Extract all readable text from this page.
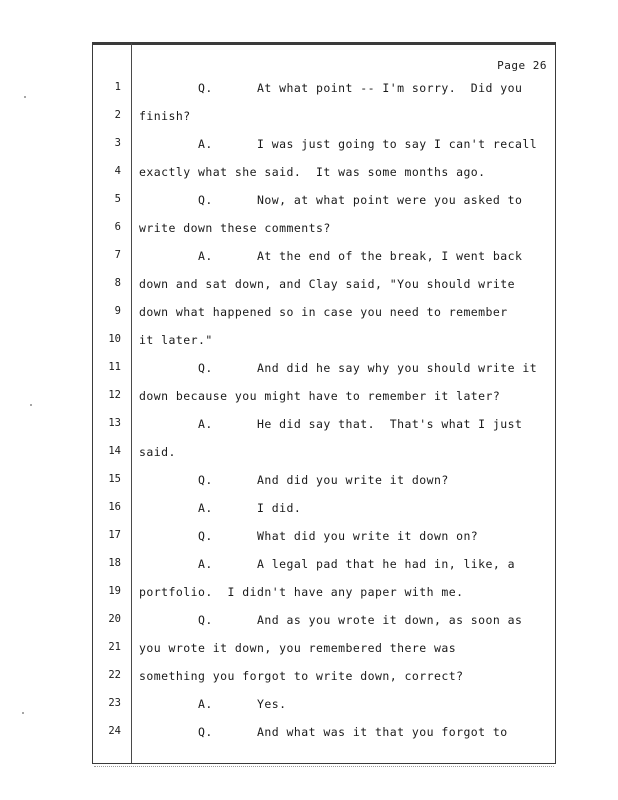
Page 26
1 Q.      At what point -- I'm sorry.  Did you
2 finish?
3 A.      I was just going to say I can't recall
4 exactly what she said.  It was some months ago.
5 Q.      Now, at what point were you asked to
6 write down these comments?
7 A.      At the end of the break, I went back
8 down and sat down, and Clay said, "You should write
9 down what happened so in case you need to remember
10 it later."
11 Q.      And did he say why you should write it
12 down because you might have to remember it later?
13 A.      He did say that.  That's what I just
14 said.
15 Q.      And did you write it down?
16 A.      I did.
17 Q.      What did you write it down on?
18 A.      A legal pad that he had in, like, a
19 portfolio.  I didn't have any paper with me.
20 Q.      And as you wrote it down, as soon as
21 you wrote it down, you remembered there was
22 something you forgot to write down, correct?
23 A.      Yes.
24 Q.      And what was it that you forgot to
